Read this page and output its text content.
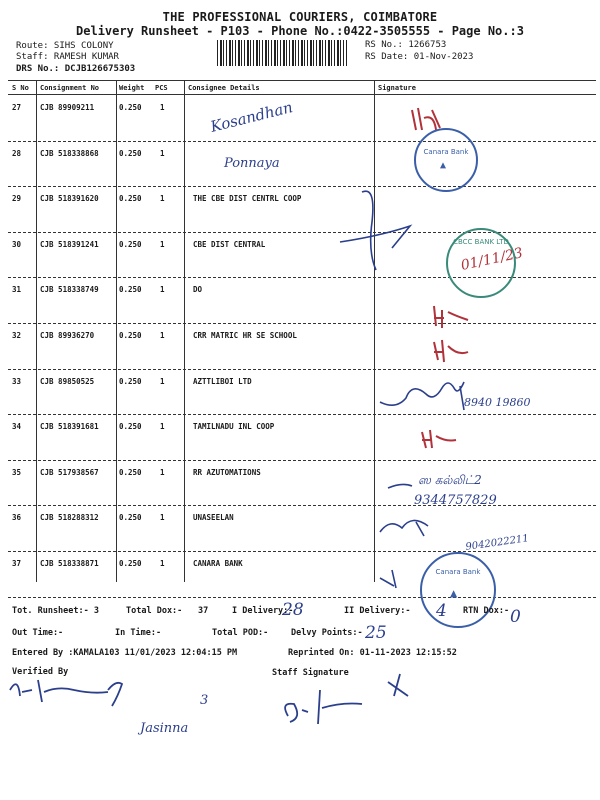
THE PROFESSIONAL COURIERS, COIMBATORE
Delivery Runsheet - P103 - Phone No.:0422-3505555 - Page No.:3
Route: SIHS COLONY
Staff: RAMESH KUMAR
DRS No.: DCJB126675303
RS No.: 1266753
RS Date: 01-Nov-2023
S No Consignment No	Weight PCS	Consignee Details	Signature
27	CJB 89909211	0.250 1
28	CJB 518338868	0.250 1
29	CJB 518391620	0.250 1	THE CBE DIST CENTRL COOP
30	CJB 518391241	0.250 1	CBE DIST CENTRAL
31	CJB 518338749	0.250 1	DO
32	CJB 89936270	0.250 1	CRR MATRIC HR SE SCHOOL
33	CJB 89850525	0.250 1	AZTTLIBOI LTD
34	CJB 518391681	0.250 1	TAMILNADU INL COOP
35	CJB 517938567	0.250 1	RR AZUTOMATIONS
36	CJB 518288312	0.250 1	UNASEELAN
37	CJB 518338871	0.250 1	CANARA BANK
Kosandhan
Ponnaya
01/11/23
8940 19860
ஸ கல்லிட்2
9344757829
9042022211
28	4	0
25
Jasinna
3
Canara Bank
▲
CBCC BANK LTD
Canara Bank
▲
Tot. Runsheet:- 3	Total Dox:- 37	I Delivery:-	II Delivery:-	RTN Dox:-
Out Time:-	In Time:-	Total POD:-	Delvy Points:-
Entered By :KAMALA103 11/01/2023 12:04:15 PM	Reprinted On: 01-11-2023 12:15:52
Verified By	Staff Signature
